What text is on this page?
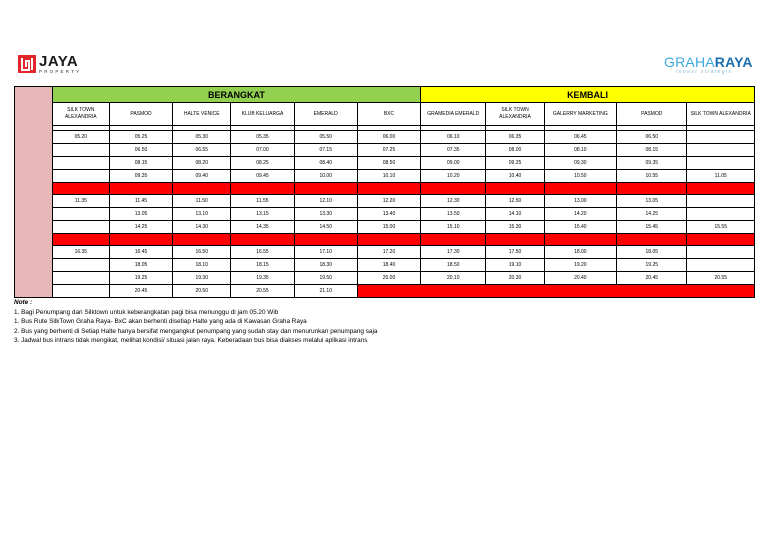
JAYA
PROPERTY
GRAHARAYA
Inbest strategis
	BERANGKAT						KEMBALI				
	SILK TOWN ALEXANDRIA	PASMOD	HALTE VENICE	KLUB KELUARGA	EMERALD	BXC	GRAMEDIA EMERALD	SILK TOWN ALEXANDRIA	GALERRY MARKETING	PASMOD	SILK TOWN ALEXANDRIA

	05.20	05.25	05.30	05.35	05.50	06.00	06.10	06.35	06.45	06.50	
		06.50	06.55	07.00	07.15	07.25	07.35	08.00	08.10	08.15	
		08.15	08.20	08.25	08.40	08.50	09.00	09.25	09.30	09.35	
		09.35	09.40	09.45	10.00	10.10	10.20	10.40	10.50	10.55	11.05

	11.35	11.45	11.50	11.55	12.10	12.20	12.30	12.50	13.00	13.05	
		13.05	13.10	13.15	13.30	13.40	13.50	14.10	14.20	14.25	
		14.25	14.30	14.35	14.50	15.00	15.10	15.30	15.40	15.45	15.55

	16.35	16.45	16.50	16.55	17.10	17.20	17.30	17.50	18.00	18.05	
		18.05	18.10	18.15	18.30	18.40	18.50	19.10	19.20	19.25	
		19.25	19.30	19.35	19.50	20.00	20.10	20.30	20.40	20.45	20.55
		20.45	20.50	20.55	21.10						
Note :
1. Bagi Penumpang dari Silktown untuk keberangkatan pagi bisa menunggu di jam 05.20 Wib
1. Bus Rute SilkTown Graha Raya- BxC akan berhenti disetiap Halte yang ada di Kawasan Graha Raya
2. Bus yang berhenti di Setiap Halte hanya bersifat mengangkut penumpang yang sudah stay dan menurunkan penumpang saja
3. Jadwal bus intrans tidak mengikat, melihat kondisi/ situasi jalan raya. Keberadaan bus bisa diakses melalui aplikasi intrans
